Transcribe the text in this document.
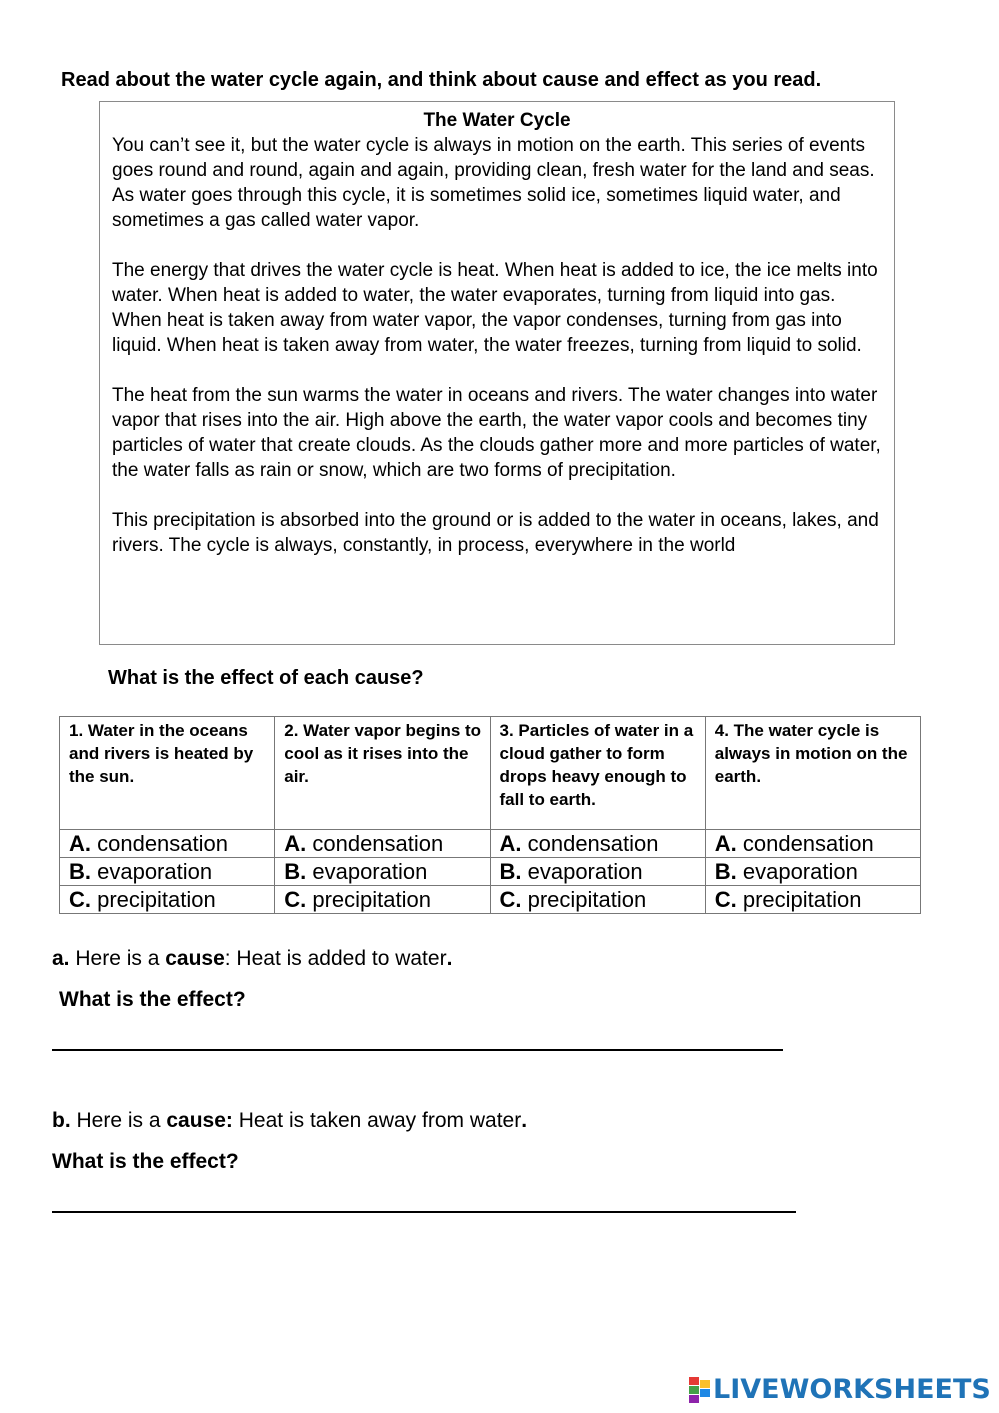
Read about the water cycle again, and think about cause and effect as you read.
The Water Cycle

You can’t see it, but the water cycle is always in motion on the earth. This series of events goes round and round, again and again, providing clean, fresh water for the land and seas. As water goes through this cycle, it is sometimes solid ice, sometimes liquid water, and sometimes a gas called water vapor.

The energy that drives the water cycle is heat. When heat is added to ice, the ice melts into water. When heat is added to water, the water evaporates, turning from liquid into gas. When heat is taken away from water vapor, the vapor condenses, turning from gas into liquid. When heat is taken away from water, the water freezes, turning from liquid to solid.

The heat from the sun warms the water in oceans and rivers. The water changes into water vapor that rises into the air. High above the earth, the water vapor cools and becomes tiny particles of water that create clouds. As the clouds gather more and more particles of water, the water falls as rain or snow, which are two forms of precipitation.

This precipitation is absorbed into the ground or is added to the water in oceans, lakes, and rivers. The cycle is always, constantly, in process, everywhere in the world

What is the effect of each cause?
1. Water in the oceans and rivers is heated by the sun.	2. Water vapor begins to cool as it rises into the air.	3. Particles of water in a cloud gather to form drops heavy enough to fall to earth.	4. The water cycle is always in motion on the earth.
A. condensation	A. condensation	A. condensation	A. condensation
B. evaporation	B. evaporation	B. evaporation	B. evaporation
C. precipitation	C. precipitation	C. precipitation	C. precipitation
a. Here is a cause: Heat is added to water.
What is the effect?
b. Here is a cause: Heat is taken away from water.
What is the effect?
LIVEWORKSHEETS
